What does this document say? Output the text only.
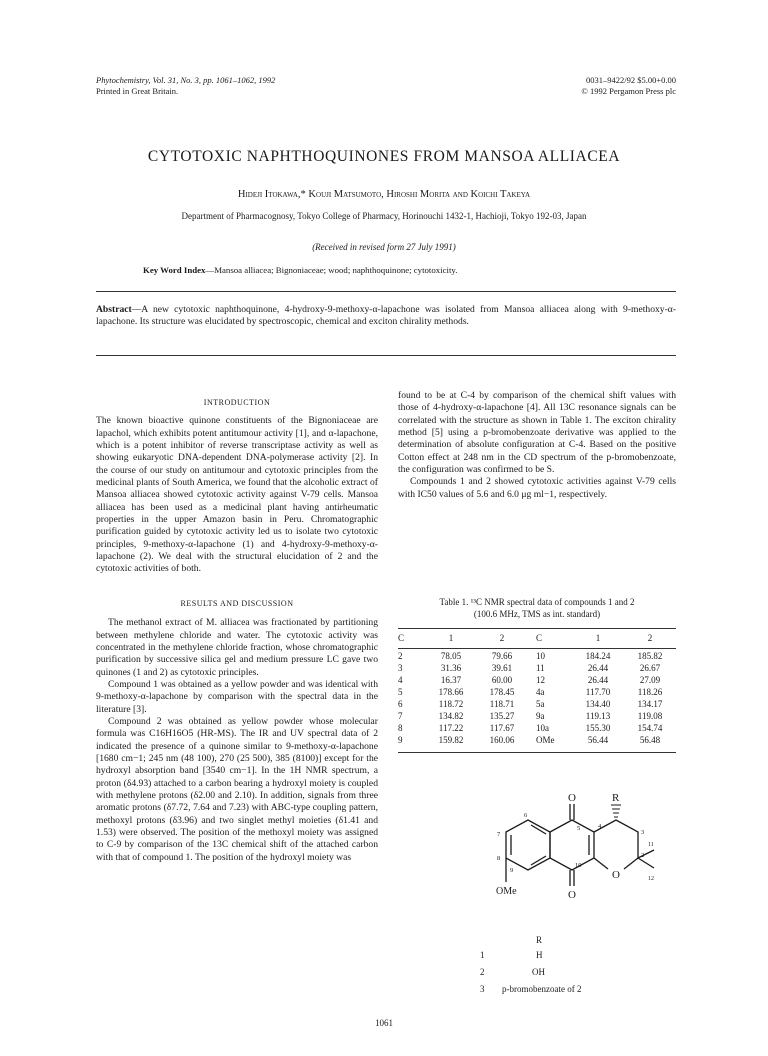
Phytochemistry, Vol. 31, No. 3, pp. 1061–1062, 1992
Printed in Great Britain.
0031–9422/92 $5.00+0.00
© 1992 Pergamon Press plc
CYTOTOXIC NAPHTHOQUINONES FROM MANSOA ALLIACEA
Hideji Itokawa,* Kouji Matsumoto, Hiroshi Morita and Koichi Takeya
Department of Pharmacognosy, Tokyo College of Pharmacy, Horinouchi 1432-1, Hachioji, Tokyo 192-03, Japan
(Received in revised form 27 July 1991)
Key Word Index—Mansoa alliacea; Bignoniaceae; wood; naphthoquinone; cytotoxicity.
Abstract—A new cytotoxic naphthoquinone, 4-hydroxy-9-methoxy-α-lapachone was isolated from Mansoa alliacea along with 9-methoxy-α-lapachone. Its structure was elucidated by spectroscopic, chemical and exciton chirality methods.
INTRODUCTION

The known bioactive quinone constituents of the Bignoniaceae are lapachol, which exhibits potent antitumour activity [1], and α-lapachone, which is a potent inhibitor of reverse transcriptase activity as well as showing eukaryotic DNA-dependent DNA-polymerase activity [2]. In the course of our study on antitumour and cytotoxic principles from the medicinal plants of South America, we found that the alcoholic extract of Mansoa alliacea showed cytotoxic activity against V-79 cells. Mansoa alliacea has been used as a medicinal plant having antirheumatic properties in the upper Amazon basin in Peru. Chromatographic purification guided by cytotoxic activity led us to isolate two cytotoxic principles, 9-methoxy-α-lapachone (1) and 4-hydroxy-9-methoxy-α-lapachone (2). We deal with the structural elucidation of 2 and the cytotoxic activities of both.

RESULTS AND DISCUSSION

The methanol extract of M. alliacea was fractionated by partitioning between methylene chloride and water. The cytotoxic activity was concentrated in the methylene chloride fraction, whose chromatographic purification by successive silica gel and medium pressure LC gave two quinones (1 and 2) as cytotoxic principles.

Compound 1 was obtained as a yellow powder and was identical with 9-methoxy-α-lapachone by comparison with the spectral data in the literature [3].

Compound 2 was obtained as yellow powder whose molecular formula was C16H16O5 (HR-MS). The IR and UV spectral data of 2 indicated the presence of a quinone similar to 9-methoxy-α-lapachone [1680 cm−1; 245 nm (48 100), 270 (25 500), 385 (8100)] except for the hydroxyl absorption band [3540 cm−1]. In the 1H NMR spectrum, a proton (δ4.93) attached to a carbon bearing a hydroxyl moiety is coupled with methylene protons (δ2.00 and 2.10). In addition, signals from three aromatic protons (δ7.72, 7.64 and 7.23) with ABC-type coupling pattern, methoxyl protons (δ3.96) and two singlet methyl moieties (δ1.41 and 1.53) were observed. The position of the methoxyl moiety was assigned to C-9 by comparison of the 13C chemical shift of the attached carbon with that of compound 1. The position of the hydroxyl moiety was

found to be at C-4 by comparison of the chemical shift values with those of 4-hydroxy-α-lapachone [4]. All 13C resonance signals can be correlated with the structure as shown in Table 1. The exciton chirality method [5] using a p-bromobenzoate derivative was applied to the determination of absolute configuration at C-4. Based on the positive Cotton effect at 248 nm in the CD spectrum of the p-bromobenzoate, the configuration was confirmed to be S.

Compounds 1 and 2 showed cytotoxic activities against V-79 cells with IC50 values of 5.6 and 6.0 μg ml−1, respectively.

Table 1. ¹³C NMR spectral data of compounds 1 and 2
(100.6 MHz, TMS as int. standard)
C	1	2	C	1	2

2	78.05	79.66	10	184.24	185.82
3	31.36	39.61	11	26.44	26.67
4	16.37	60.00	12	26.44	27.09
5	178.66	178.45	4a	117.70	118.26
6	118.72	118.71	5a	134.40	134.17
7	134.82	135.27	9a	119.13	119.08
8	117.22	117.67	10a	155.30	154.74
9	159.82	160.06	OMe	56.44	56.48
O	R
O
OMe
O
6
7
8
9
5	4
3
2
10
11
12
R
1	H
2	OH
3 p-bromobenzoate of 2
1061
